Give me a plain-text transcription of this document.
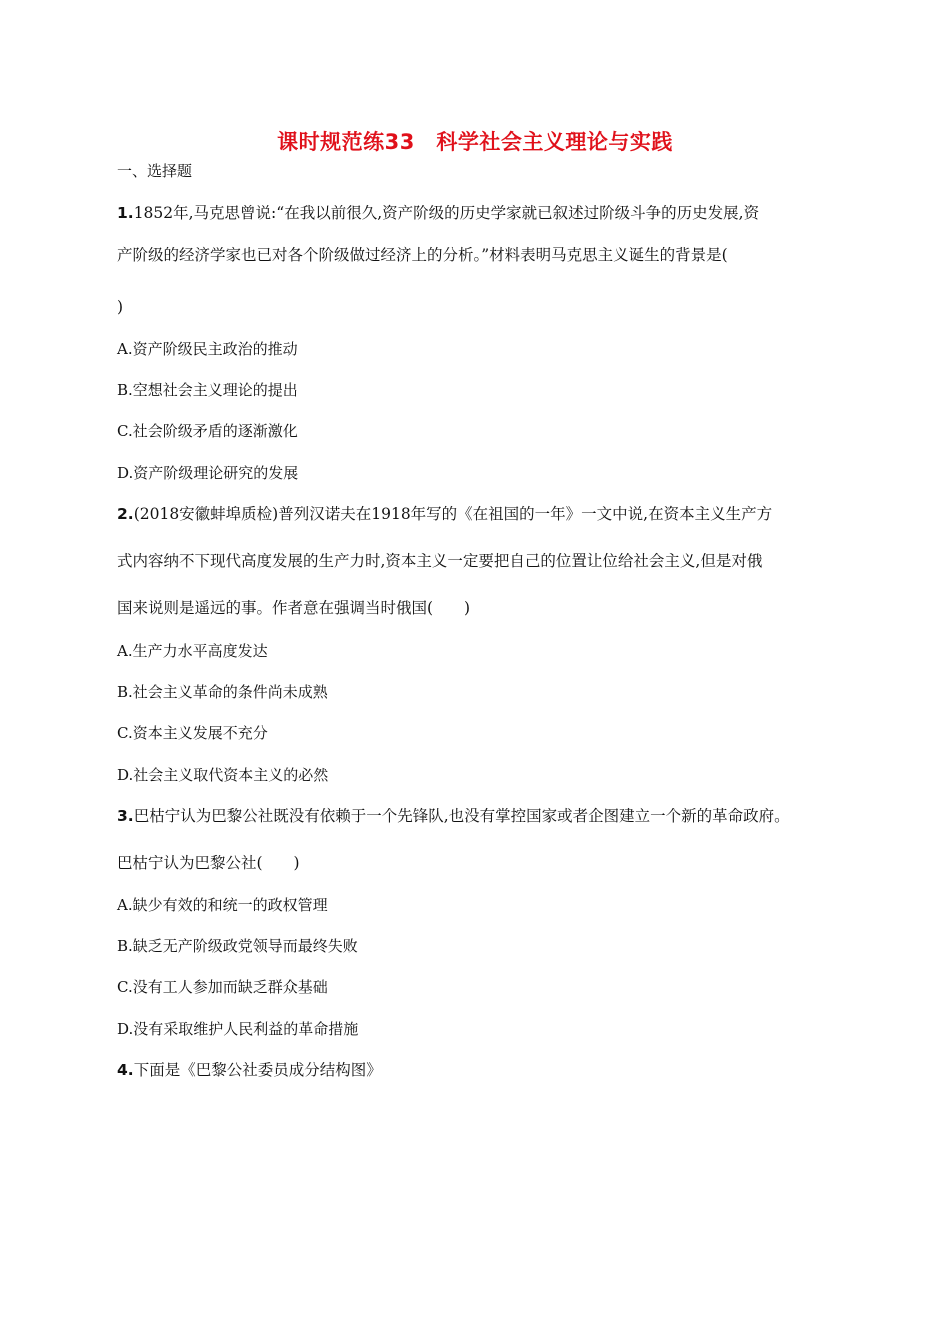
课时规范练33　科学社会主义理论与实践
一、选择题
1.1852年,马克思曾说:“在我以前很久,资产阶级的历史学家就已叙述过阶级斗争的历史发展,资
产阶级的经济学家也已对各个阶级做过经济上的分析。”材料表明马克思主义诞生的背景是(
)
A.资产阶级民主政治的推动
B.空想社会主义理论的提出
C.社会阶级矛盾的逐渐激化
D.资产阶级理论研究的发展
2.(2018安徽蚌埠质检)普列汉诺夫在1918年写的《在祖国的一年》一文中说,在资本主义生产方
式内容纳不下现代高度发展的生产力时,资本主义一定要把自己的位置让位给社会主义,但是对俄
国来说则是遥远的事。作者意在强调当时俄国(　　)
A.生产力水平高度发达
B.社会主义革命的条件尚未成熟
C.资本主义发展不充分
D.社会主义取代资本主义的必然
3.巴枯宁认为巴黎公社既没有依赖于一个先锋队,也没有掌控国家或者企图建立一个新的革命政府。
巴枯宁认为巴黎公社(　　)
A.缺少有效的和统一的政权管理
B.缺乏无产阶级政党领导而最终失败
C.没有工人参加而缺乏群众基础
D.没有采取维护人民利益的革命措施
4.下面是《巴黎公社委员成分结构图》
